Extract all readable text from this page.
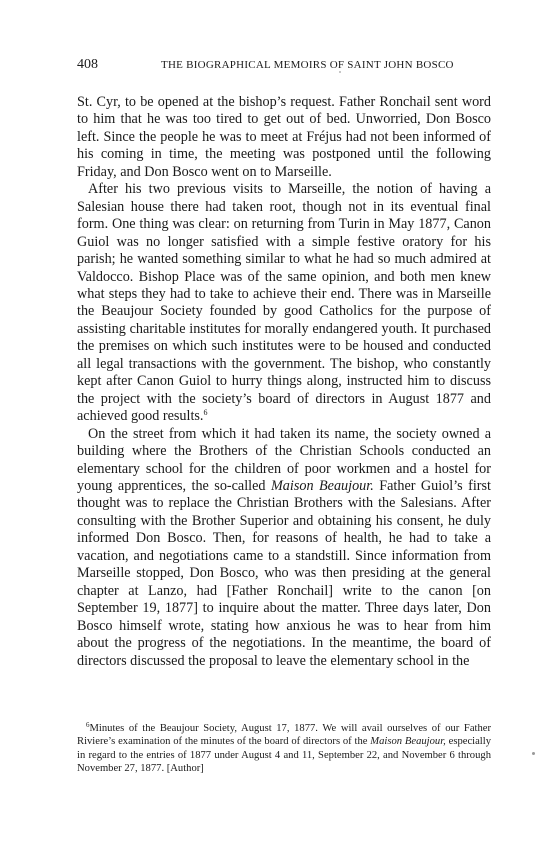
408	THE BIOGRAPHICAL MEMOIRS OF SAINT JOHN BOSCO

St. Cyr, to be opened at the bishop’s request. Father Ronchail sent word to him that he was too tired to get out of bed. Unworried, Don Bosco left. Since the people he was to meet at Fréjus had not been informed of his coming in time, the meeting was postponed until the following Friday, and Don Bosco went on to Marseille.

After his two previous visits to Marseille, the notion of having a Salesian house there had taken root, though not in its eventual final form. One thing was clear: on returning from Turin in May 1877, Canon Guiol was no longer satisfied with a simple festive oratory for his parish; he wanted something similar to what he had so much admired at Valdocco. Bishop Place was of the same opinion, and both men knew what steps they had to take to achieve their end. There was in Marseille the Beaujour Society founded by good Catholics for the purpose of assisting charitable institutes for morally endangered youth. It purchased the premises on which such institutes were to be housed and conducted all legal transactions with the government. The bishop, who constantly kept after Canon Guiol to hurry things along, instructed him to discuss the project with the society’s board of directors in August 1877 and achieved good results.$^6$

On the street from which it had taken its name, the society owned a building where the Brothers of the Christian Schools conducted an elementary school for the children of poor workmen and a hostel for young apprentices, the so-called Maison Beaujour. Father Guiol’s first thought was to replace the Christian Brothers with the Salesians. After consulting with the Brother Superior and obtaining his consent, he duly informed Don Bosco. Then, for reasons of health, he had to take a vacation, and negotiations came to a standstill. Since information from Marseille stopped, Don Bosco, who was then presiding at the general chapter at Lanzo, had [Father Ronchail] write to the canon [on September 19, 1877] to inquire about the matter. Three days later, Don Bosco himself wrote, stating how anxious he was to hear from him about the progress of the negotiations. In the meantime, the board of directors discussed the proposal to leave the elementary school in the

$^6$Minutes of the Beaujour Society, August 17, 1877. We will avail ourselves of our Father Riviere’s examination of the minutes of the board of directors of the Maison Beaujour, especially in regard to the entries of 1877 under August 4 and 11, September 22, and November 6 through November 27, 1877. [Author]
